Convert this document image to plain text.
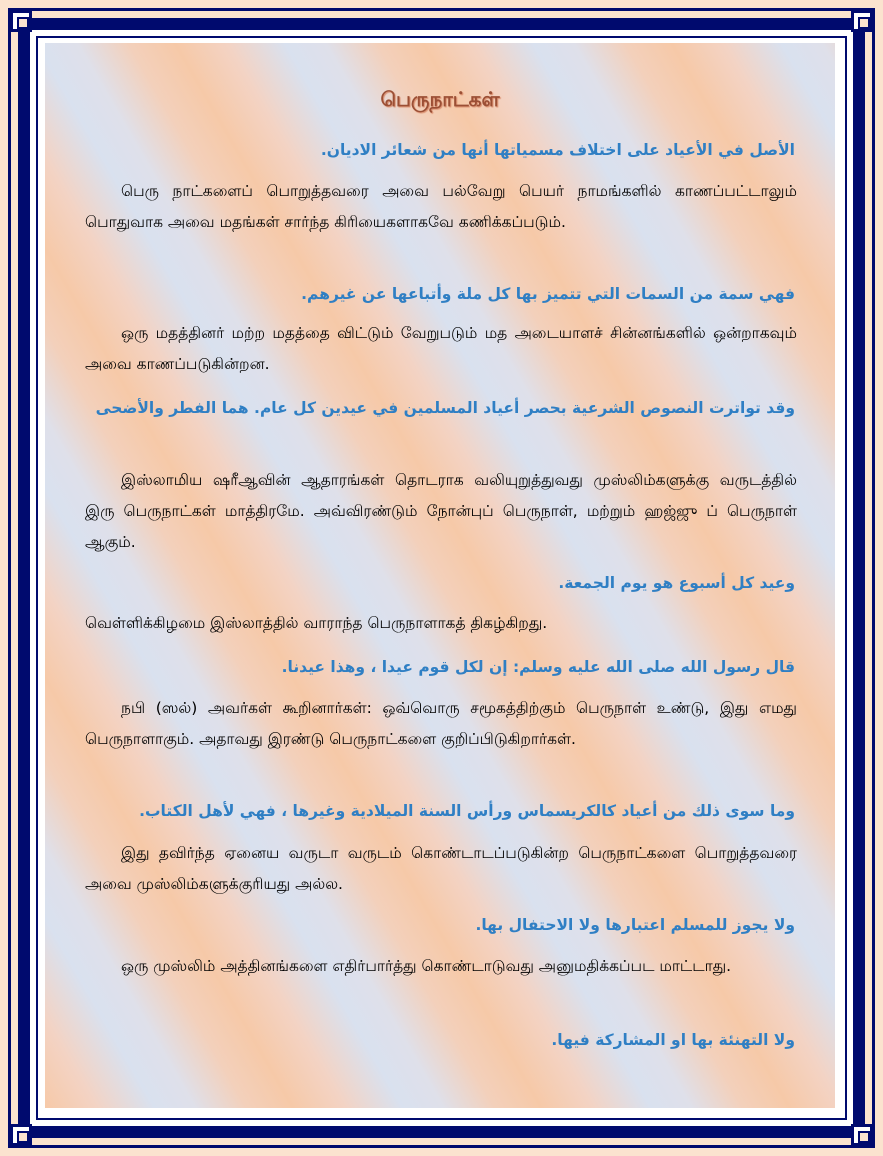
பெருநாட்கள்
الأصل في الأعياد على اختلاف مسمياتها أنها من شعائر الاديان.
பெரு நாட்களைப் பொறுத்தவரை அவை பல்வேறு பெயர் நாமங்களில் காணப்பட்டாலும் பொதுவாக அவை மதங்கள் சார்ந்த கிரியைகளாகவே கணிக்கப்படும்.
فهي سمة من السمات التي تتميز بها كل ملة وأتباعها عن غيرهم.
ஒரு மதத்தினர் மற்ற மதத்தை விட்டும் வேறுபடும் மத அடையாளச் சின்னங்களில் ஒன்றாகவும் அவை காணப்படுகின்றன.
وقد تواترت النصوص الشرعية بحصر أعياد المسلمين في عيدين كل عام. هما الفطر والأضحى
இஸ்லாமிய ஷரீஆவின் ஆதாரங்கள் தொடராக வலியுறுத்துவது முஸ்லிம்களுக்கு வருடத்தில் இரு பெருநாட்கள் மாத்திரமே. அவ்விரண்டும் நோன்புப் பெருநாள், மற்றும் ஹஜ்ஜு ப் பெருநாள் ஆகும்.
وعيد كل أسبوع هو يوم الجمعة.
வெள்ளிக்கிழமை இஸ்லாத்தில் வாராந்த பெருநாளாகத் திகழ்கிறது.
قال رسول الله صلى الله عليه وسلم: إن لكل قوم عيدا ، وهذا عيدنا.
நபி (ஸல்) அவர்கள் கூறினார்கள்: ஒவ்வொரு சமூகத்திற்கும் பெருநாள் உண்டு, இது எமது பெருநாளாகும். அதாவது இரண்டு பெருநாட்களை குறிப்பிடுகிறார்கள்.
وما سوى ذلك من أعياد كالكريسماس ورأس السنة الميلادية وغيرها ، فهي لأهل الكتاب.
இது தவிர்ந்த ஏனைய வருடா வருடம் கொண்டாடப்படுகின்ற பெருநாட்களை பொறுத்தவரை அவை முஸ்லிம்களுக்குரியது அல்ல.
ولا يجوز للمسلم اعتبارها ولا الاحتفال بها.
ஒரு முஸ்லிம் அத்தினங்களை எதிர்பார்த்து கொண்டாடுவது அனுமதிக்கப்பட மாட்டாது.
ولا التهنئة بها او المشاركة فيها.
